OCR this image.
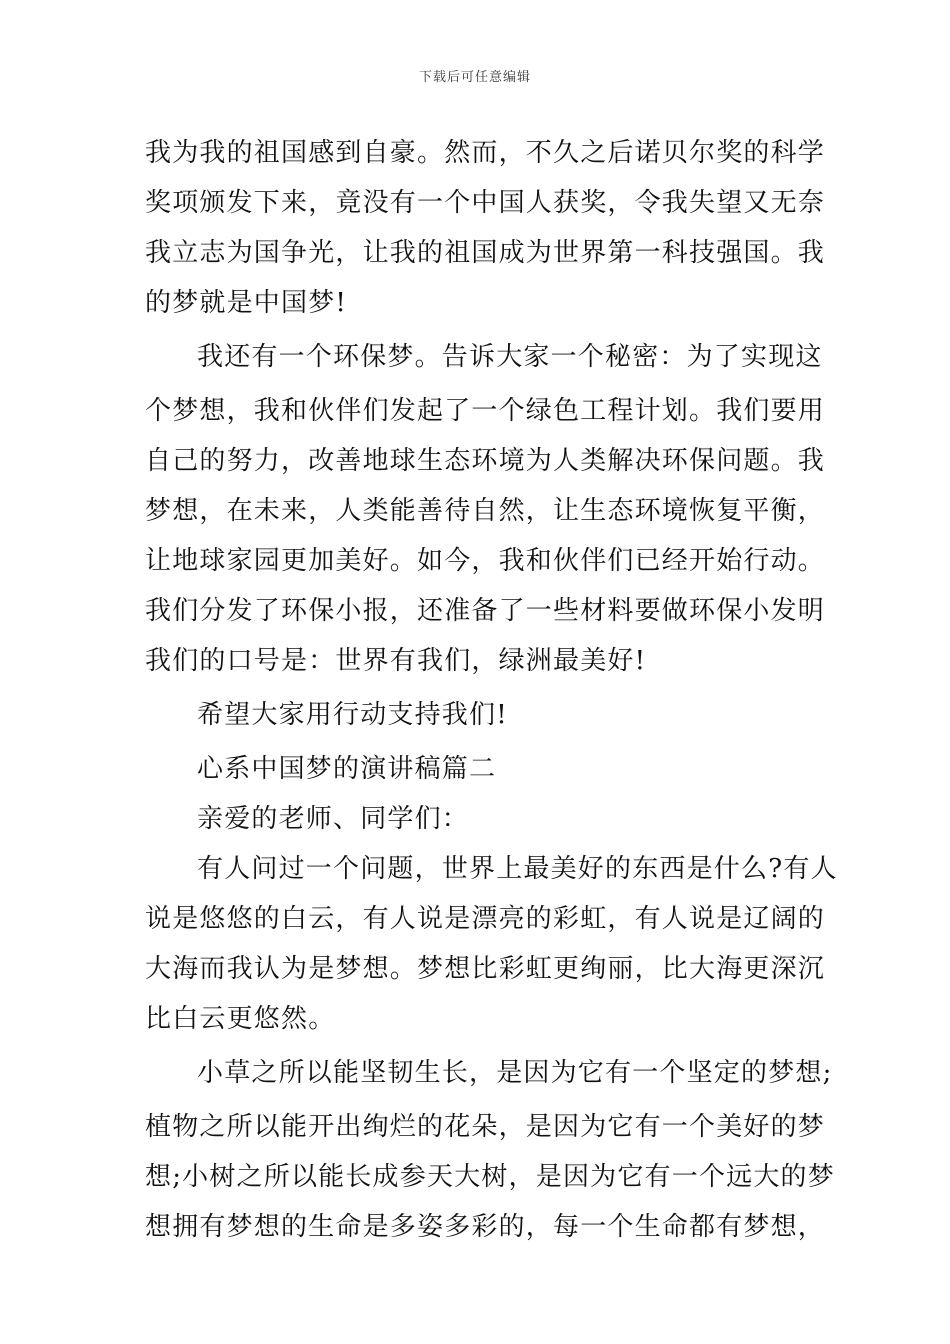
下载后可任意编辑
我为我的祖国感到自豪。然而，不久之后诺贝尔奖的科学
奖项颁发下来，竟没有一个中国人获奖，令我失望又无奈
我立志为国争光，让我的祖国成为世界第一科技强国。我
的梦就是中国梦!
我还有一个环保梦。告诉大家一个秘密：为了实现这
个梦想，我和伙伴们发起了一个绿色工程计划。我们要用
自己的努力，改善地球生态环境为人类解决环保问题。我
梦想，在未来，人类能善待自然，让生态环境恢复平衡，
让地球家园更加美好。如今，我和伙伴们已经开始行动。
我们分发了环保小报，还准备了一些材料要做环保小发明
我们的口号是：世界有我们，绿洲最美好!
希望大家用行动支持我们!
心系中国梦的演讲稿篇二
亲爱的老师、同学们：
有人问过一个问题，世界上最美好的东西是什么?有人
说是悠悠的白云，有人说是漂亮的彩虹，有人说是辽阔的
大海而我认为是梦想。梦想比彩虹更绚丽，比大海更深沉
比白云更悠然。
小草之所以能坚韧生长，是因为它有一个坚定的梦想;
植物之所以能开出绚烂的花朵，是因为它有一个美好的梦
想;小树之所以能长成参天大树，是因为它有一个远大的梦
想拥有梦想的生命是多姿多彩的，每一个生命都有梦想，
